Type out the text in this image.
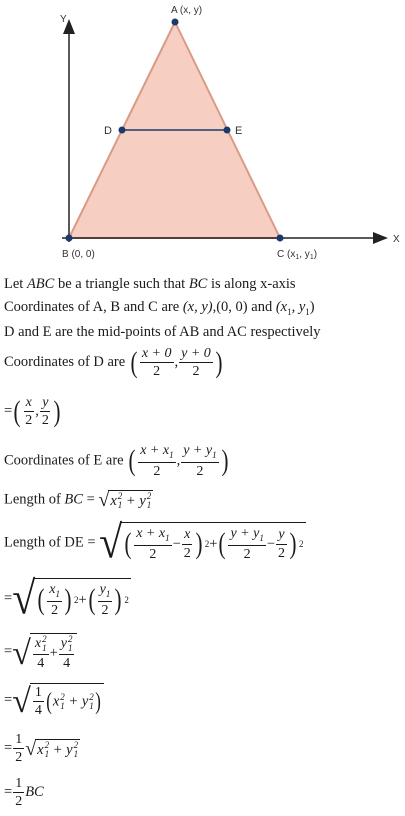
Y
X
A (x, y)
B (0, 0)	C ($x_1$, $y_1$)
D	E
Let ABC be a triangle such that BC is along x-axis
Coordinates of A, B and C are (x, y),(0, 0) and ($x_1$, $y_1$)
D and E are the mid-points of AB and AC respectively
Coordinates of D are ( $\frac{x + 0}{2}$ , $\frac{y + 0}{2}$ )
=( $\frac{x}{2}$ , $\frac{y}{2}$ )
Coordinates of E are ( $\frac{x + x_1}{2}$ , $\frac{y + y_1}{2}$ )
Length of BC = √ x 2
1
+ y 2
1
Length of DE = √ ( $\frac{x + x_1}{2} - \frac{x}{2}$ ) 2 + ( $\frac{y + y_1}{2} - \frac{y}{2}$ ) 2
= √ ( $\frac{x_1}{2}$ ) 2 + ( $\frac{y_1}{2}$ ) 2
= √ x 2
1
4 + y 2
1
4
= √ $\frac{1}{4}$ ( x 2
1 + y 2
1 )
= $\frac{1}{2}$ √ x 2
1
+ y 2
1
= $\frac{1}{2}$ BC
